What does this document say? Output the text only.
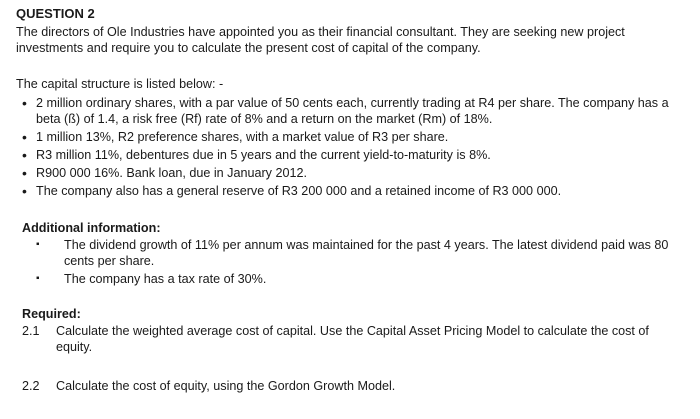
QUESTION 2
The directors of Ole Industries have appointed you as their financial consultant. They are seeking new project investments and require you to calculate the present cost of capital of the company.
The capital structure is listed below: -
• 2 million ordinary shares, with a par value of 50 cents each, currently trading at R4 per share. The company has a beta (ß) of 1.4, a risk free (Rf) rate of 8% and a return on the market (Rm) of 18%.
• 1 million 13%, R2 preference shares, with a market value of R3 per share.
• R3 million 11%, debentures due in 5 years and the current yield-to-maturity is 8%.
• R900 000 16%. Bank loan, due in January 2012.
• The company also has a general reserve of R3 200 000 and a retained income of R3 000 000.
Additional information:
▪ The dividend growth of 11% per annum was maintained for the past 4 years. The latest dividend paid was 80 cents per share.
▪ The company has a tax rate of 30%.
Required:
2.1	Calculate the weighted average cost of capital. Use the Capital Asset Pricing Model to calculate the cost of equity.
2.2	Calculate the cost of equity, using the Gordon Growth Model.
